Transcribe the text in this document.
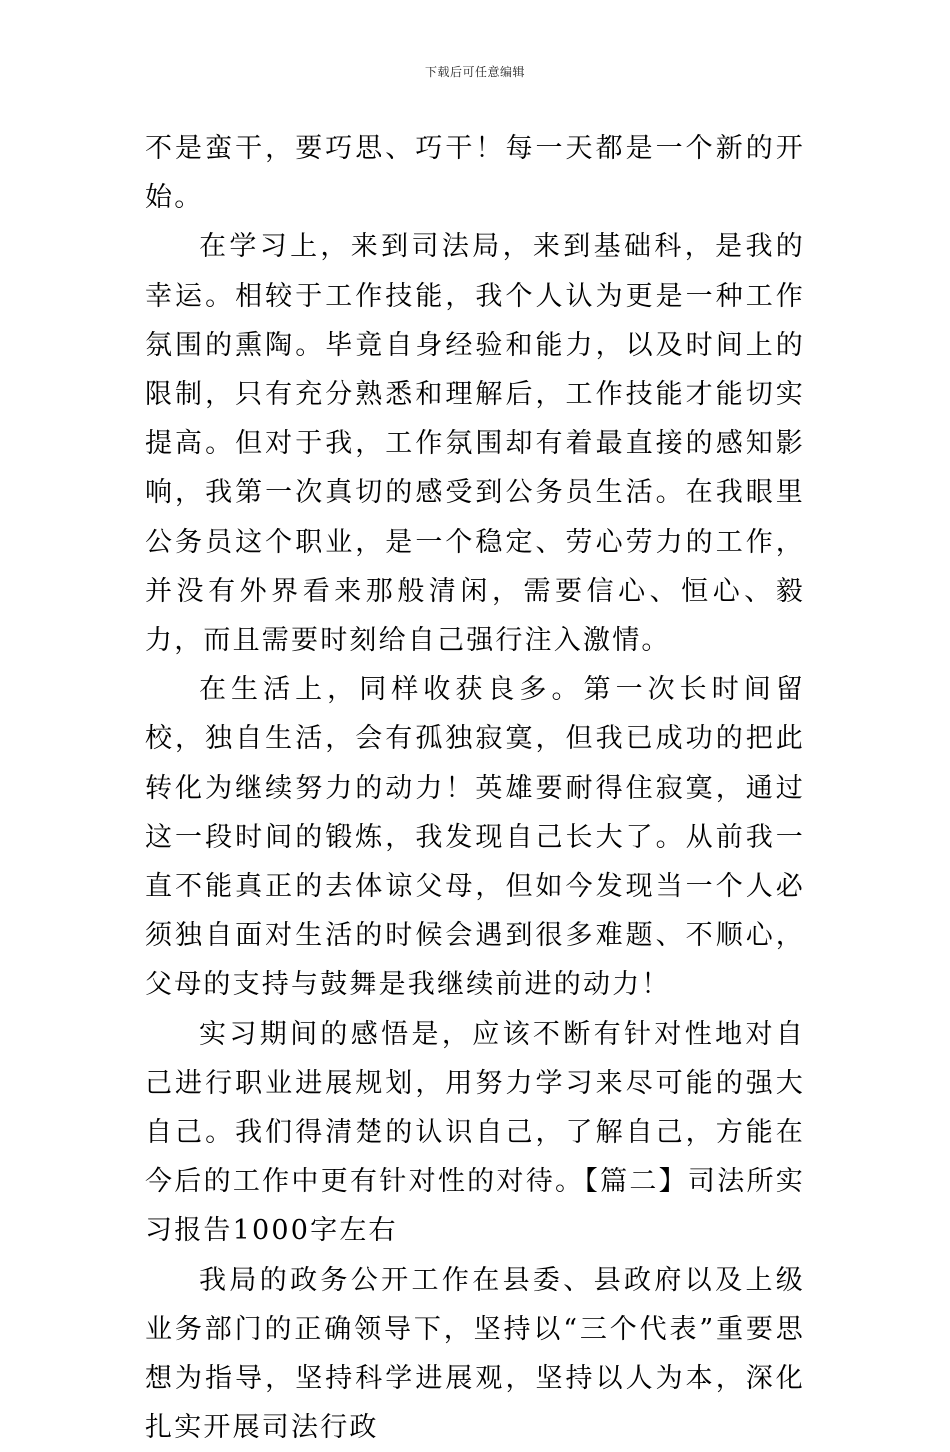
下载后可任意编辑

不是蛮干，要巧思、巧干！每一天都是一个新的开始。

在学习上，来到司法局，来到基础科，是我的幸运。相较于工作技能，我个人认为更是一种工作氛围的熏陶。毕竟自身经验和能力，以及时间上的限制，只有充分熟悉和理解后，工作技能才能切实提高。但对于我，工作氛围却有着最直接的感知影响，我第一次真切的感受到公务员生活。在我眼里公务员这个职业，是一个稳定、劳心劳力的工作，并没有外界看来那般清闲，需要信心、恒心、毅力，而且需要时刻给自己强行注入激情。

在生活上，同样收获良多。第一次长时间留校，独自生活，会有孤独寂寞，但我已成功的把此转化为继续努力的动力！英雄要耐得住寂寞，通过这一段时间的锻炼，我发现自己长大了。从前我一直不能真正的去体谅父母，但如今发现当一个人必须独自面对生活的时候会遇到很多难题、不顺心，父母的支持与鼓舞是我继续前进的动力！

实习期间的感悟是，应该不断有针对性地对自己进行职业进展规划，用努力学习来尽可能的强大自己。我们得清楚的认识自己，了解自己，方能在今后的工作中更有针对性的对待。【篇二】司法所实习报告1000字左右

我局的政务公开工作在县委、县政府以及上级业务部门的正确领导下，坚持以“三个代表”重要思想为指导，坚持科学进展观，坚持以人为本，深化扎实开展司法行政
